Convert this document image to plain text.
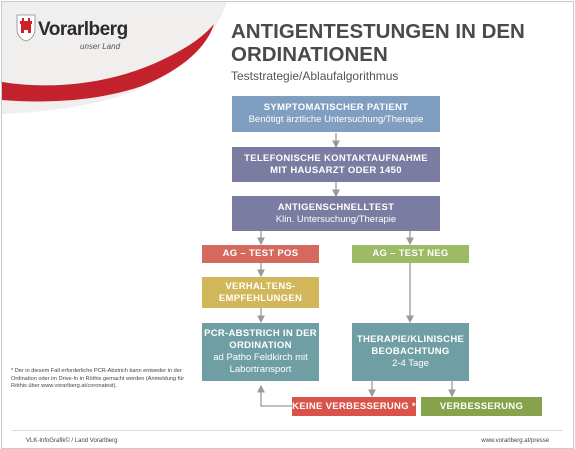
Vorarlberg
unser Land
ANTIGENTESTUNGEN IN DEN ORDINATIONEN
Teststrategie/Ablaufalgorithmus
SYMPTOMATISCHER PATIENT
Benötigt ärztliche Untersuchung/Therapie
TELEFONISCHE KONTAKTAUFNAHME
MIT HAUSARZT ODER 1450
ANTIGENSCHNELLTEST
Klin. Untersuchung/Therapie
AG – TEST POS	AG – TEST NEG
VERHALTENS-
EMPFEHLUNGEN
PCR-ABSTRICH IN DER
ORDINATION
ad Patho Feldkirch mit
Labortransport
THERAPIE/KLINISCHE
BEOBACHTUNG
2-4 Tage
KEINE VERBESSERUNG *	VERBESSERUNG
* Der in diesem Fall erforderliche PCR-Abstrich kann entweder in der Ordination oder im Drive-In in Röthis gemacht werden (Anmeldung für Röthis über www.vorarlberg.at/coronatest).
VLK-InfoGrafik© / Land Vorarlberg	www.vorarlberg.at/presse
